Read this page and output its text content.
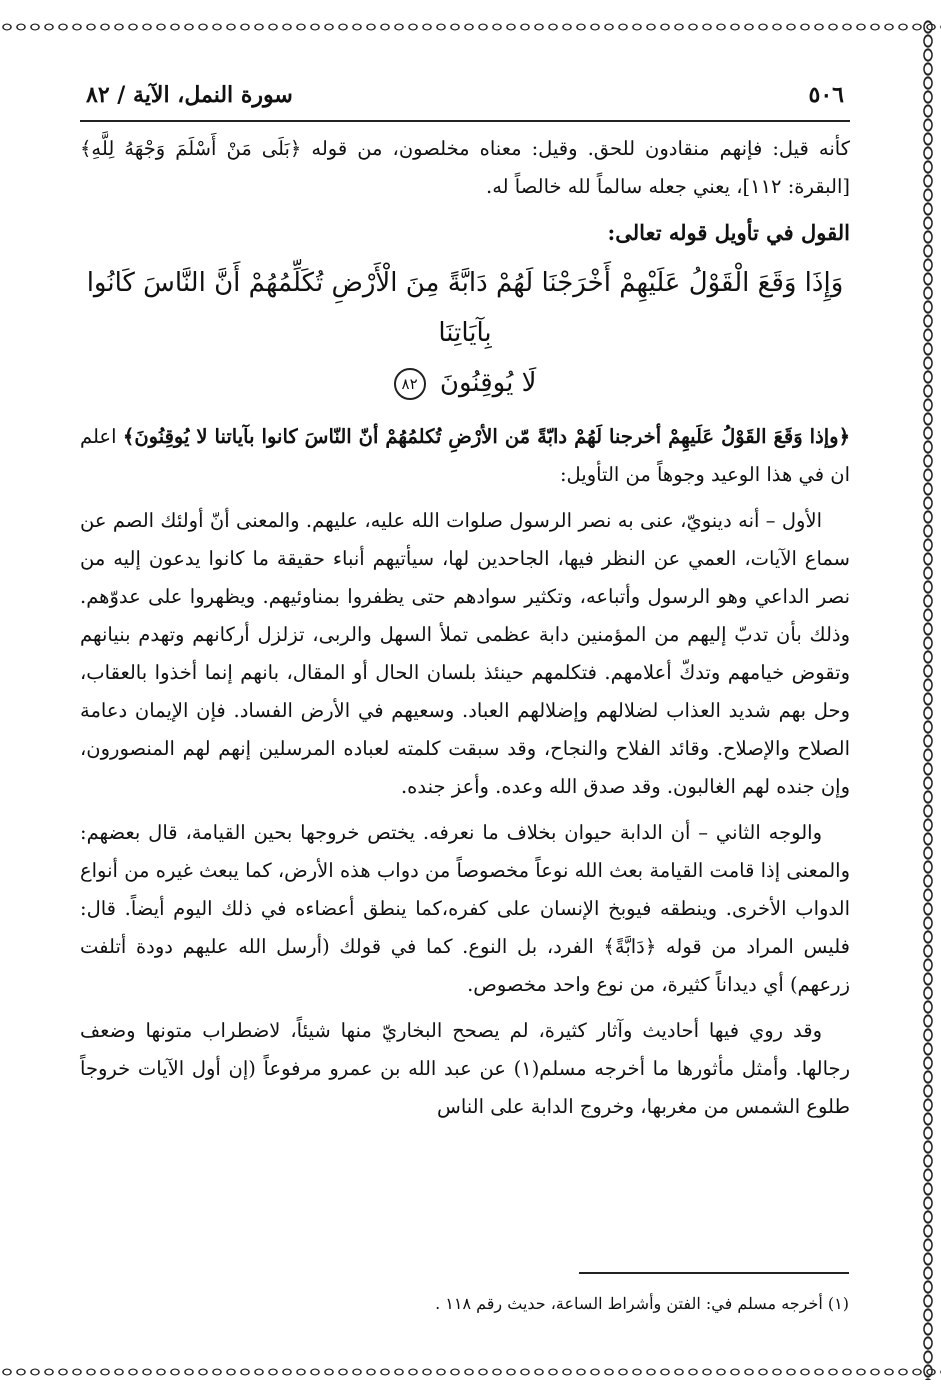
٥٠٦
سورة النمل، الآية / ٨٢

كأنه قيل: فإنهم منقادون للحق. وقيل: معناه مخلصون، من قوله ﴿بَلَى مَنْ أَسْلَمَ وَجْهَهُ لِلَّهِ﴾ [البقرة: ١١٢]، يعني جعله سالماً لله خالصاً له.

القول في تأويل قوله تعالى:

وَإِذَا وَقَعَ الْقَوْلُ عَلَيْهِمْ أَخْرَجْنَا لَهُمْ دَابَّةً مِنَ الْأَرْضِ تُكَلِّمُهُمْ أَنَّ النَّاسَ كَانُوا بِآيَاتِنَا
لَا يُوقِنُونَ ٨٢

﴿وإذا وَقَعَ القَوْلُ عَلَيهِمْ أخرجنا لَهُمْ دابّةً مّن الأرْضِ تُكلمُهُمْ أنّ النّاسَ كانوا بآياتنا لا يُوقِنُونَ﴾ اعلم ان في هذا الوعيد وجوهاً من التأويل:

الأول – أنه دينويّ، عنى به نصر الرسول صلوات الله عليه، عليهم. والمعنى أنّ أولئك الصم عن سماع الآيات، العمي عن النظر فيها، الجاحدين لها، سيأتيهم أنباء حقيقة ما كانوا يدعون إليه من نصر الداعي وهو الرسول وأتباعه، وتكثير سوادهم حتى يظفروا بمناوئيهم. ويظهروا على عدوّهم. وذلك بأن تدبّ إليهم من المؤمنين دابة عظمى تملأ السهل والربى، تزلزل أركانهم وتهدم بنيانهم وتقوض خيامهم وتدكّ أعلامهم. فتكلمهم حينئذ بلسان الحال أو المقال، بانهم إنما أخذوا بالعقاب، وحل بهم شديد العذاب لضلالهم وإضلالهم العباد. وسعيهم في الأرض الفساد. فإن الإيمان دعامة الصلاح والإصلاح. وقائد الفلاح والنجاح، وقد سبقت كلمته لعباده المرسلين إنهم لهم المنصورون، وإن جنده لهم الغالبون. وقد صدق الله وعده. وأعز جنده.

والوجه الثاني – أن الدابة حيوان بخلاف ما نعرفه. يختص خروجها بحين القيامة، قال بعضهم: والمعنى إذا قامت القيامة بعث الله نوعاً مخصوصاً من دواب هذه الأرض، كما يبعث غيره من أنواع الدواب الأخرى. وينطقه فيوبخ الإنسان على كفره،كما ينطق أعضاءه في ذلك اليوم أيضاً. قال: فليس المراد من قوله ﴿دَابَّةً﴾ الفرد، بل النوع. كما في قولك (أرسل الله عليهم دودة أتلفت زرعهم) أي ديداناً كثيرة، من نوع واحد مخصوص.

وقد روي فيها أحاديث وآثار كثيرة، لم يصحح البخاريّ منها شيئاً، لاضطراب متونها وضعف رجالها. وأمثل مأثورها ما أخرجه مسلم(١) عن عبد الله بن عمرو مرفوعاً (إن أول الآيات خروجاً طلوع الشمس من مغربها، وخروج الدابة على الناس

(١) أخرجه مسلم في: الفتن وأشراط الساعة، حديث رقم ١١٨ .
